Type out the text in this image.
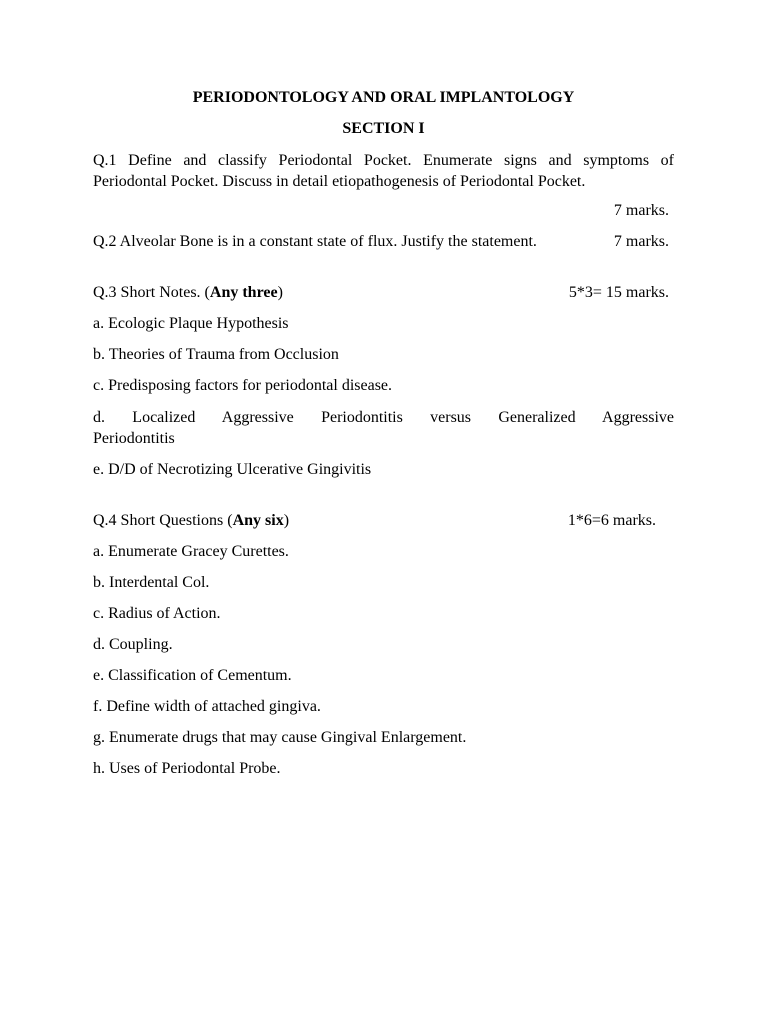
PERIODONTOLOGY AND ORAL IMPLANTOLOGY

SECTION I

Q.1 Define and classify Periodontal Pocket. Enumerate signs and symptoms of Periodontal Pocket. Discuss in detail etiopathogenesis of Periodontal Pocket.
7 marks.
Q.2 Alveolar Bone is in a constant state of flux. Justify the statement.	7 marks.
Q.3 Short Notes. (Any three)	5*3= 15 marks.
a. Ecologic Plaque Hypothesis
b. Theories of Trauma from Occlusion
c. Predisposing factors for periodontal disease.
d. Localized Aggressive Periodontitis versus Generalized Aggressive
Periodontitis
e. D/D of Necrotizing Ulcerative Gingivitis
Q.4 Short Questions (Any six)	1*6=6 marks.
a. Enumerate Gracey Curettes.
b. Interdental Col.
c. Radius of Action.
d. Coupling.
e. Classification of Cementum.
f. Define width of attached gingiva.
g. Enumerate drugs that may cause Gingival Enlargement.
h. Uses of Periodontal Probe.
